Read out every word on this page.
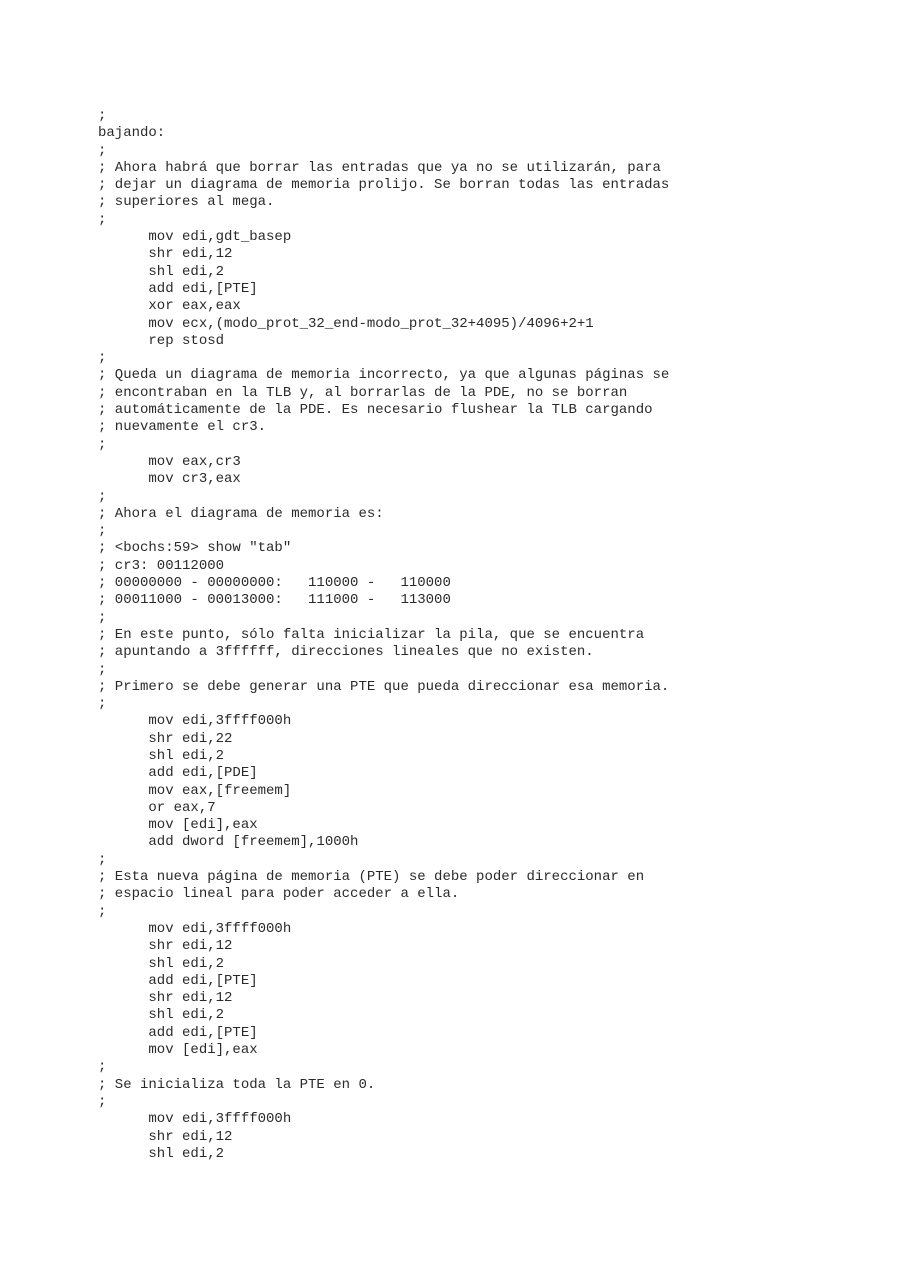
;
bajando:
;
; Ahora habrá que borrar las entradas que ya no se utilizarán, para
; dejar un diagrama de memoria prolijo. Se borran todas las entradas
; superiores al mega.
;
mov edi,gdt_basep
shr edi,12
shl edi,2
add edi,[PTE]
xor eax,eax
mov ecx,(modo_prot_32_end-modo_prot_32+4095)/4096+2+1
rep stosd
;
; Queda un diagrama de memoria incorrecto, ya que algunas páginas se
; encontraban en la TLB y, al borrarlas de la PDE, no se borran
; automáticamente de la PDE. Es necesario flushear la TLB cargando
; nuevamente el cr3.
;
mov eax,cr3
mov cr3,eax
;
; Ahora el diagrama de memoria es:
;
; <bochs:59> show "tab"
; cr3: 00112000
; 00000000 - 00000000:   110000 -   110000
; 00011000 - 00013000:   111000 -   113000
;
; En este punto, sólo falta inicializar la pila, que se encuentra
; apuntando a 3ffffff, direcciones lineales que no existen.
;
; Primero se debe generar una PTE que pueda direccionar esa memoria.
;
mov edi,3ffff000h
shr edi,22
shl edi,2
add edi,[PDE]
mov eax,[freemem]
or eax,7
mov [edi],eax
add dword [freemem],1000h
;
; Esta nueva página de memoria (PTE) se debe poder direccionar en
; espacio lineal para poder acceder a ella.
;
mov edi,3ffff000h
shr edi,12
shl edi,2
add edi,[PTE]
shr edi,12
shl edi,2
add edi,[PTE]
mov [edi],eax
;
; Se inicializa toda la PTE en 0.
;
mov edi,3ffff000h
shr edi,12
shl edi,2
